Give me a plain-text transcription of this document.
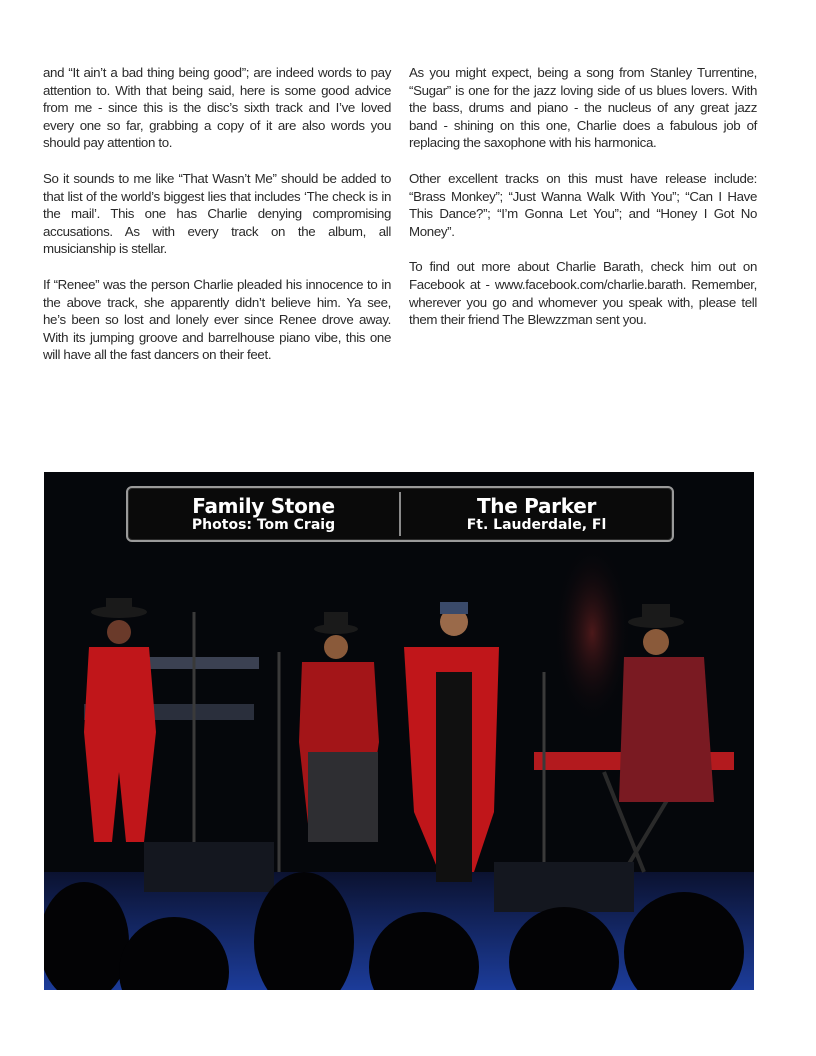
and “It ain’t a bad thing being good”; are indeed words to pay attention to. With that being said, here is some good advice from me - since this is the disc’s sixth track and I’ve loved every one so far, grabbing a copy of it are also words you should pay attention to.

So it sounds to me like “That Wasn’t Me” should be added to that list of the world’s biggest lies that includes ‘The check is in the mail’. This one has Charlie denying compromising accusations. As with every track on the album, all musicianship is stellar.

If “Renee” was the person Charlie pleaded his innocence to in the above track, she apparently didn’t believe him. Ya see, he’s been so lost and lonely ever since Renee drove away. With its jumping groove and barrelhouse piano vibe, this one will have all the fast dancers on their feet.

As you might expect, being a song from Stanley Turrentine, “Sugar” is one for the jazz loving side of us blues lovers. With the bass, drums and piano - the nucleus of any great jazz band - shining on this one, Charlie does a fabulous job of replacing the saxophone with his harmonica.

Other excellent tracks on this must have release include: “Brass Monkey”; “Just Wanna Walk With You”; “Can I Have This Dance?”; “I’m Gonna Let You”; and “Honey I Got No Money”.

To find out more about Charlie Barath, check him out on Facebook at - www.facebook.com/charlie.barath. Remember, wherever you go and whomever you speak with, please tell them their friend The Blewzzman sent you.

Family Stone
Photos: Tom Craig
The Parker
Ft. Lauderdale, Fl
